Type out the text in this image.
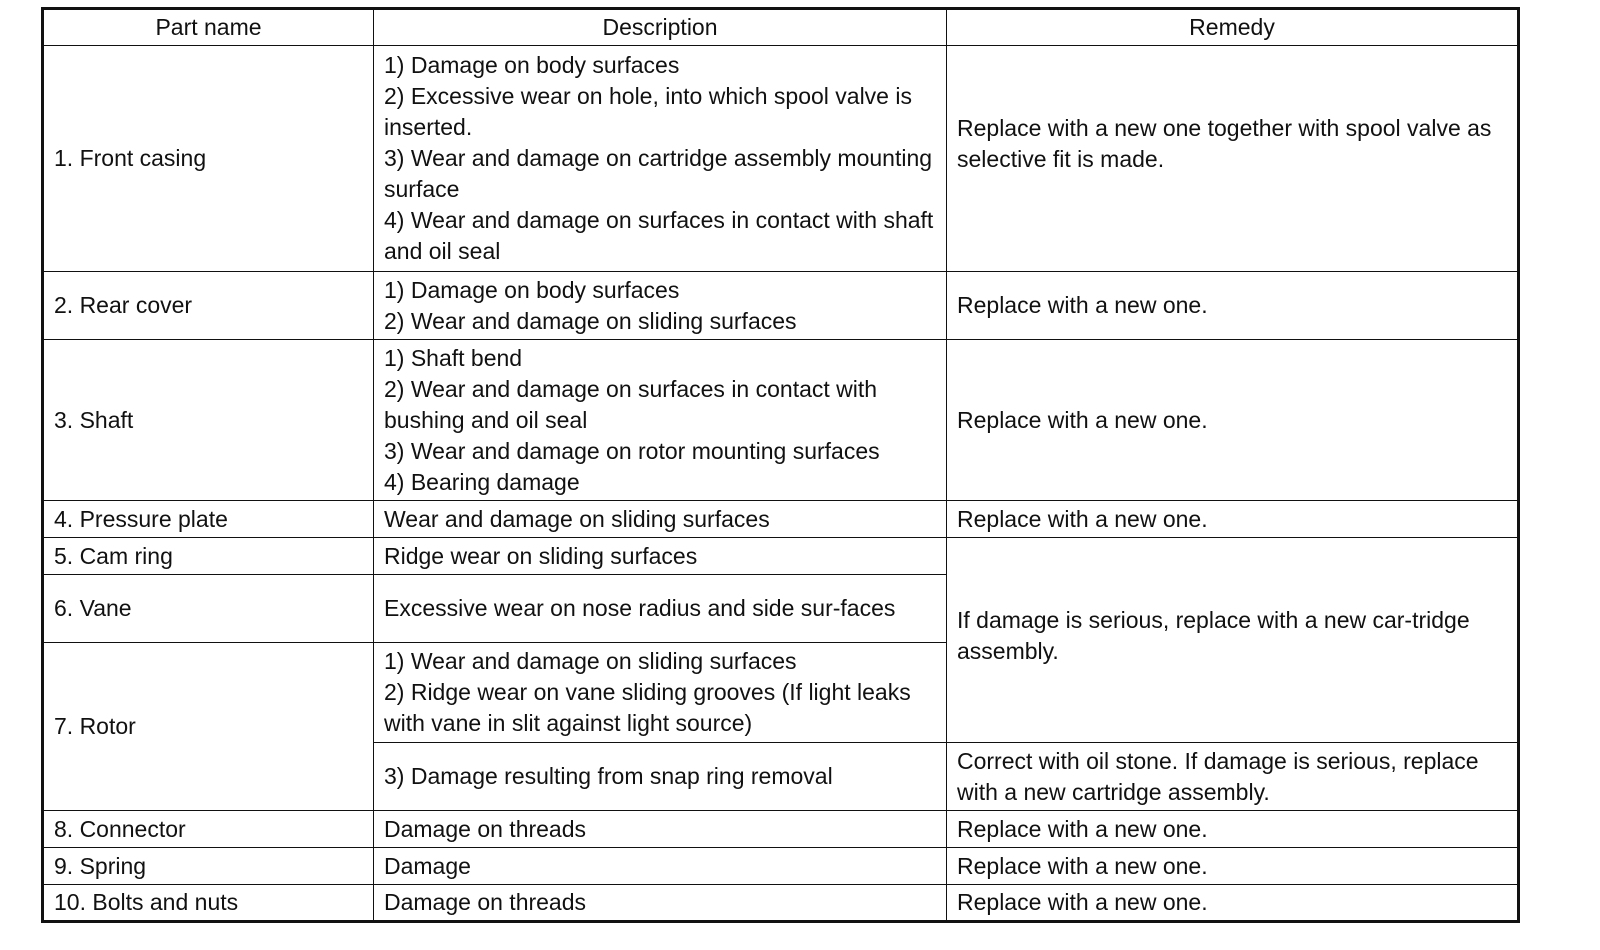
Part name	Description	Remedy
1. Front casing	1) Damage on body surfaces
2) Excessive wear on hole, into which spool valve is inserted.
3) Wear and damage on cartridge assembly mounting surface
4) Wear and damage on surfaces in contact with shaft and oil seal	Replace with a new one together with spool valve as selective fit is made.
2. Rear cover	1) Damage on body surfaces
2) Wear and damage on sliding surfaces	Replace with a new one.
3. Shaft	1) Shaft bend
2) Wear and damage on surfaces in contact with bushing and oil seal
3) Wear and damage on rotor mounting surfaces
4) Bearing damage	Replace with a new one.
4. Pressure plate	Wear and damage on sliding surfaces	Replace with a new one.
5. Cam ring	Ridge wear on sliding surfaces	If damage is serious, replace with a new car-tridge assembly.
6. Vane	Excessive wear on nose radius and side sur-faces	

7. Rotor	1) Wear and damage on sliding surfaces
2) Ridge wear on vane sliding grooves (If light leaks with vane in slit against light source)	

	3) Damage resulting from snap ring removal	Correct with oil stone. If damage is serious, replace with a new cartridge assembly.
8. Connector	Damage on threads	Replace with a new one.
9. Spring	Damage	Replace with a new one.
10. Bolts and nuts	Damage on threads	Replace with a new one.
